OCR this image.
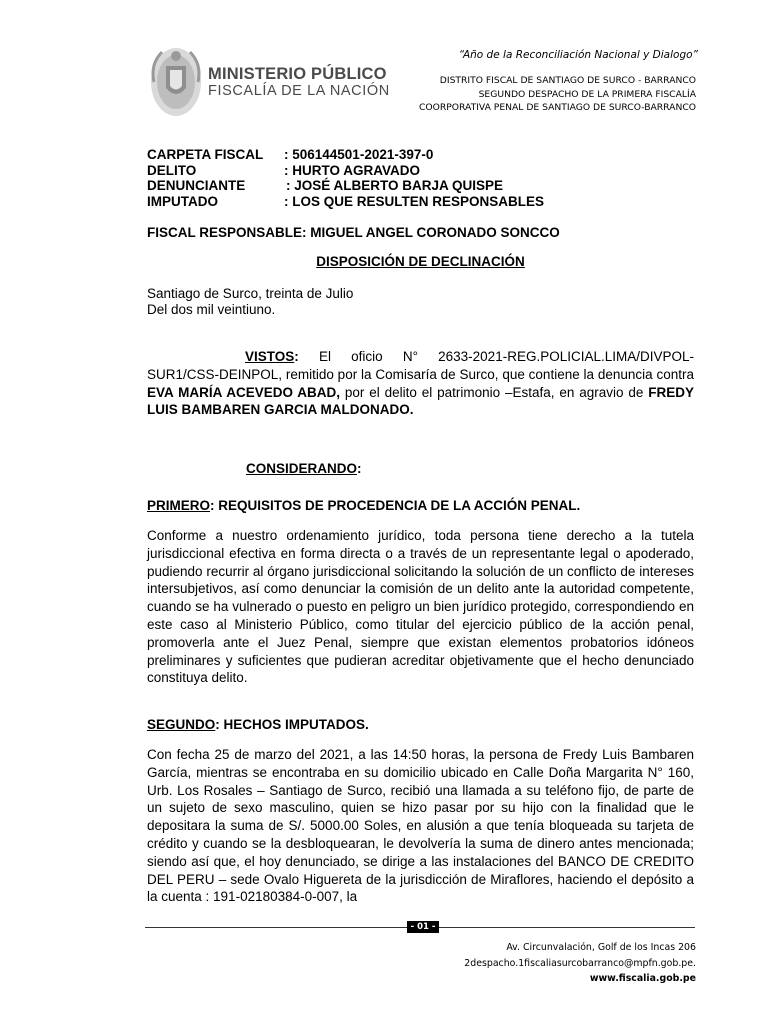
MINISTERIO PÚBLICO
FISCALÍA DE LA NACIÓN
“Año de la Reconciliación Nacional y Dialogo”
DISTRITO FISCAL DE SANTIAGO DE SURCO - BARRANCO
SEGUNDO DESPACHO DE LA PRIMERA FISCALÍA
COORPORATIVA PENAL DE SANTIAGO DE SURCO-BARRANCO
CARPETA FISCAL	: 506144501-2021-397-0
DELITO	: HURTO AGRAVADO
DENUNCIANTE	: JOSÉ ALBERTO BARJA QUISPE
IMPUTADO	: LOS QUE RESULTEN RESPONSABLES
FISCAL RESPONSABLE: MIGUEL ANGEL CORONADO SONCCO
DISPOSICIÓN DE DECLINACIÓN
Santiago de Surco, treinta de Julio
Del dos mil veintiuno.
VISTOS: El oficio N° 2633-2021-REG.POLICIAL.LIMA/DIVPOL-SUR1/CSS-DEINPOL, remitido por la Comisaría de Surco, que contiene la denuncia contra EVA MARÍA ACEVEDO ABAD, por el delito el patrimonio –Estafa, en agravio de FREDY LUIS BAMBAREN GARCIA MALDONADO.
CONSIDERANDO:
PRIMERO: REQUISITOS DE PROCEDENCIA DE LA ACCIÓN PENAL.
Conforme a nuestro ordenamiento jurídico, toda persona tiene derecho a la tutela jurisdiccional efectiva en forma directa o a través de un representante legal o apoderado, pudiendo recurrir al órgano jurisdiccional solicitando la solución de un conflicto de intereses intersubjetivos, así como denunciar la comisión de un delito ante la autoridad competente, cuando se ha vulnerado o puesto en peligro un bien jurídico protegido, correspondiendo en este caso al Ministerio Público, como titular del ejercicio público de la acción penal, promoverla ante el Juez Penal, siempre que existan elementos probatorios idóneos preliminares y suficientes que pudieran acreditar objetivamente que el hecho denunciado constituya delito.
SEGUNDO: HECHOS IMPUTADOS.
Con fecha 25 de marzo del 2021, a las 14:50 horas, la persona de Fredy Luis Bambaren García, mientras se encontraba en su domicilio ubicado en Calle Doña Margarita N° 160, Urb. Los Rosales – Santiago de Surco, recibió una llamada a su teléfono fijo, de parte de un sujeto de sexo masculino, quien se hizo pasar por su hijo con la finalidad que le depositara la suma de S/. 5000.00 Soles, en alusión a que tenía bloqueada su tarjeta de crédito y cuando se la desbloquearan, le devolvería la suma de dinero antes mencionada; siendo así que, el hoy denunciado, se dirige a las instalaciones del BANCO DE CREDITO DEL PERU – sede Ovalo Higuereta de la jurisdicción de Miraflores, haciendo el depósito a la cuenta : 191-02180384-0-007, la
- 01 -
Av. Circunvalación, Golf de los Incas 206
2despacho.1fiscaliasurcobarranco@mpfn.gob.pe.
www.fiscalia.gob.pe
